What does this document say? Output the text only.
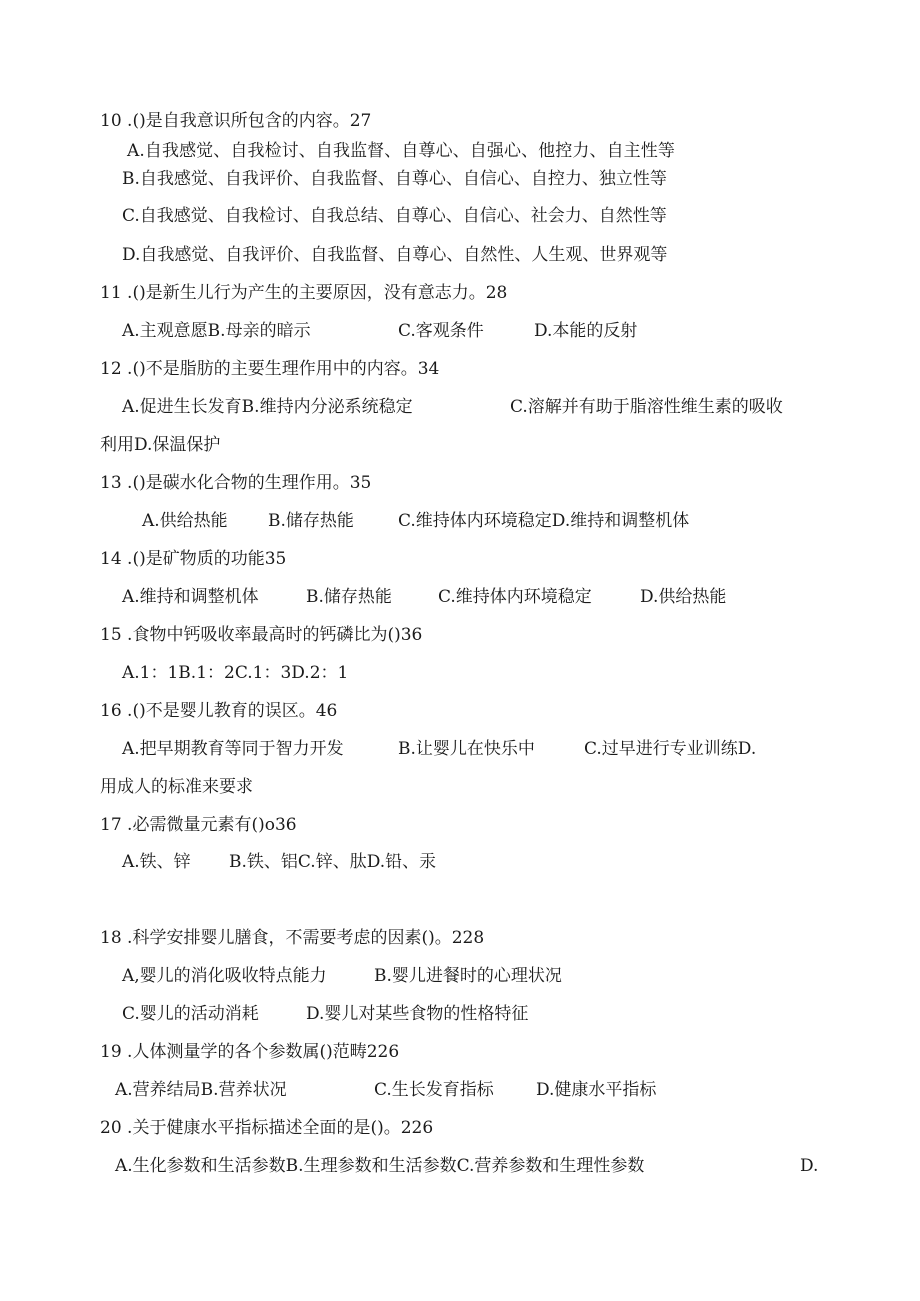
10 .()是自我意识所包含的内容。27
A.自我感觉、自我检讨、自我监督、自尊心、自强心、他控力、自主性等
B.自我感觉、自我评价、自我监督、自尊心、自信心、自控力、独立性等
C.自我感觉、自我检讨、自我总结、自尊心、自信心、社会力、自然性等
D.自我感觉、自我评价、自我监督、自尊心、自然性、人生观、世界观等
11 .()是新生儿行为产生的主要原因，没有意志力。28
A.主观意愿B.母亲的暗示	C.客观条件	D.本能的反射
12 .()不是脂肪的主要生理作用中的内容。34
A.促进生长发育B.维持内分泌系统稳定	C.溶解并有助于脂溶性维生素的吸收
利用D.保温保护
13 .()是碳水化合物的生理作用。35
A.供给热能 B.储存热能	C.维持体内环境稳定D.维持和调整机体
14 .()是矿物质的功能35
A.维持和调整机体	B.储存热能	C.维持体内环境稳定	D.供给热能
15 .食物中钙吸收率最高时的钙磷比为()36
A.1：1B.1：2C.1：3D.2：1
16 .()不是婴儿教育的误区。46
A.把早期教育等同于智力开发	B.让婴儿在快乐中	C.过早进行专业训练D.
用成人的标准来要求
17 .必需微量元素有()o36
A.铁、锌 B.铁、铝C.锌、肽D.铅、汞
18 .科学安排婴儿膳食，不需要考虑的因素()。228
A,婴儿的消化吸收特点能力	B.婴儿进餐时的心理状况
C.婴儿的活动消耗	D.婴儿对某些食物的性格特征
19 .人体测量学的各个参数属()范畴226
A.营养结局B.营养状况	C.生长发育指标 D.健康水平指标
20 .关于健康水平指标描述全面的是()。226
A.生化参数和生活参数B.生理参数和生活参数C.营养参数和生理性参数	D.
